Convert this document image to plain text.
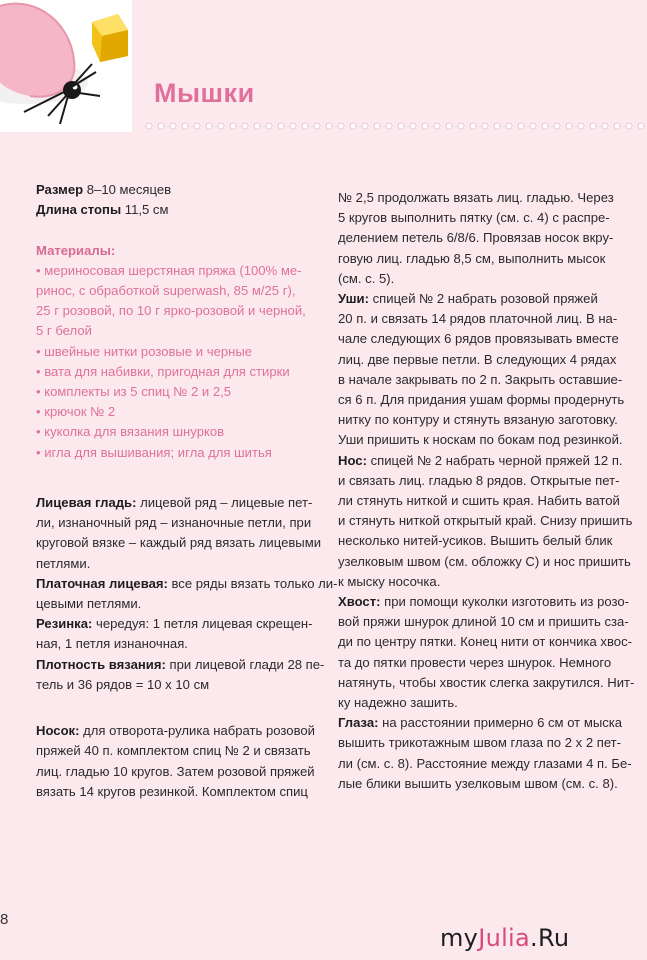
Мышки
Размер 8–10 месяцев
Длина стопы 11,5 см
Материалы:
• мериносовая шерстяная пряжа (100% ме-
ринос, с обработкой superwash, 85 м/25 г),
25 г розовой, по 10 г ярко-розовой и черной,
5 г белой
• швейные нитки розовые и черные
• вата для набивки, пригодная для стирки
• комплекты из 5 спиц № 2 и 2,5
• крючок № 2
• куколка для вязания шнурков
• игла для вышивания; игла для шитья
Лицевая гладь: лицевой ряд – лицевые пет-
ли, изнаночный ряд – изнаночные петли, при
круговой вязке – каждый ряд вязать лицевыми
петлями.
Платочная лицевая: все ряды вязать только ли-
цевыми петлями.
Резинка: чередуя: 1 петля лицевая скрещен-
ная, 1 петля изнаночная.
Плотность вязания: при лицевой глади 28 пе-
тель и 36 рядов = 10 x 10 см
Носок: для отворота-рулика набрать розовой
пряжей 40 п. комплектом спиц № 2 и связать
лиц. гладью 10 кругов. Затем розовой пряжей
вязать 14 кругов резинкой. Комплектом спиц
№ 2,5 продолжать вязать лиц. гладью. Через
5 кругов выполнить пятку (см. с. 4) с распре-
делением петель 6/8/6. Провязав носок вкру-
говую лиц. гладью 8,5 см, выполнить мысок
(см. с. 5).
Уши: спицей № 2 набрать розовой пряжей
20 п. и связать 14 рядов платочной лиц. В на-
чале следующих 6 рядов провязывать вместе
лиц. две первые петли. В следующих 4 рядах
в начале закрывать по 2 п. Закрыть оставшие-
ся 6 п. Для придания ушам формы продернуть
нитку по контуру и стянуть вязаную заготовку.
Уши пришить к носкам по бокам под резинкой.
Нос: спицей № 2 набрать черной пряжей 12 п.
и связать лиц. гладью 8 рядов. Открытые пет-
ли стянуть ниткой и сшить края. Набить ватой
и стянуть ниткой открытый край. Снизу пришить
несколько нитей-усиков. Вышить белый блик
узелковым швом (см. обложку С) и нос пришить
к мыску носочка.
Хвост: при помощи куколки изготовить из розо-
вой пряжи шнурок длиной 10 см и пришить сза-
ди по центру пятки. Конец нити от кончика хвос-
та до пятки провести через шнурок. Немного
натянуть, чтобы хвостик слегка закрутился. Нит-
ку надежно зашить.
Глаза: на расстоянии примерно 6 см от мыска
вышить трикотажным швом глаза по 2 х 2 пет-
ли (см. с. 8). Расстояние между глазами 4 п. Бе-
лые блики вышить узелковым швом (см. с. 8).
8
myJulia.Ru
